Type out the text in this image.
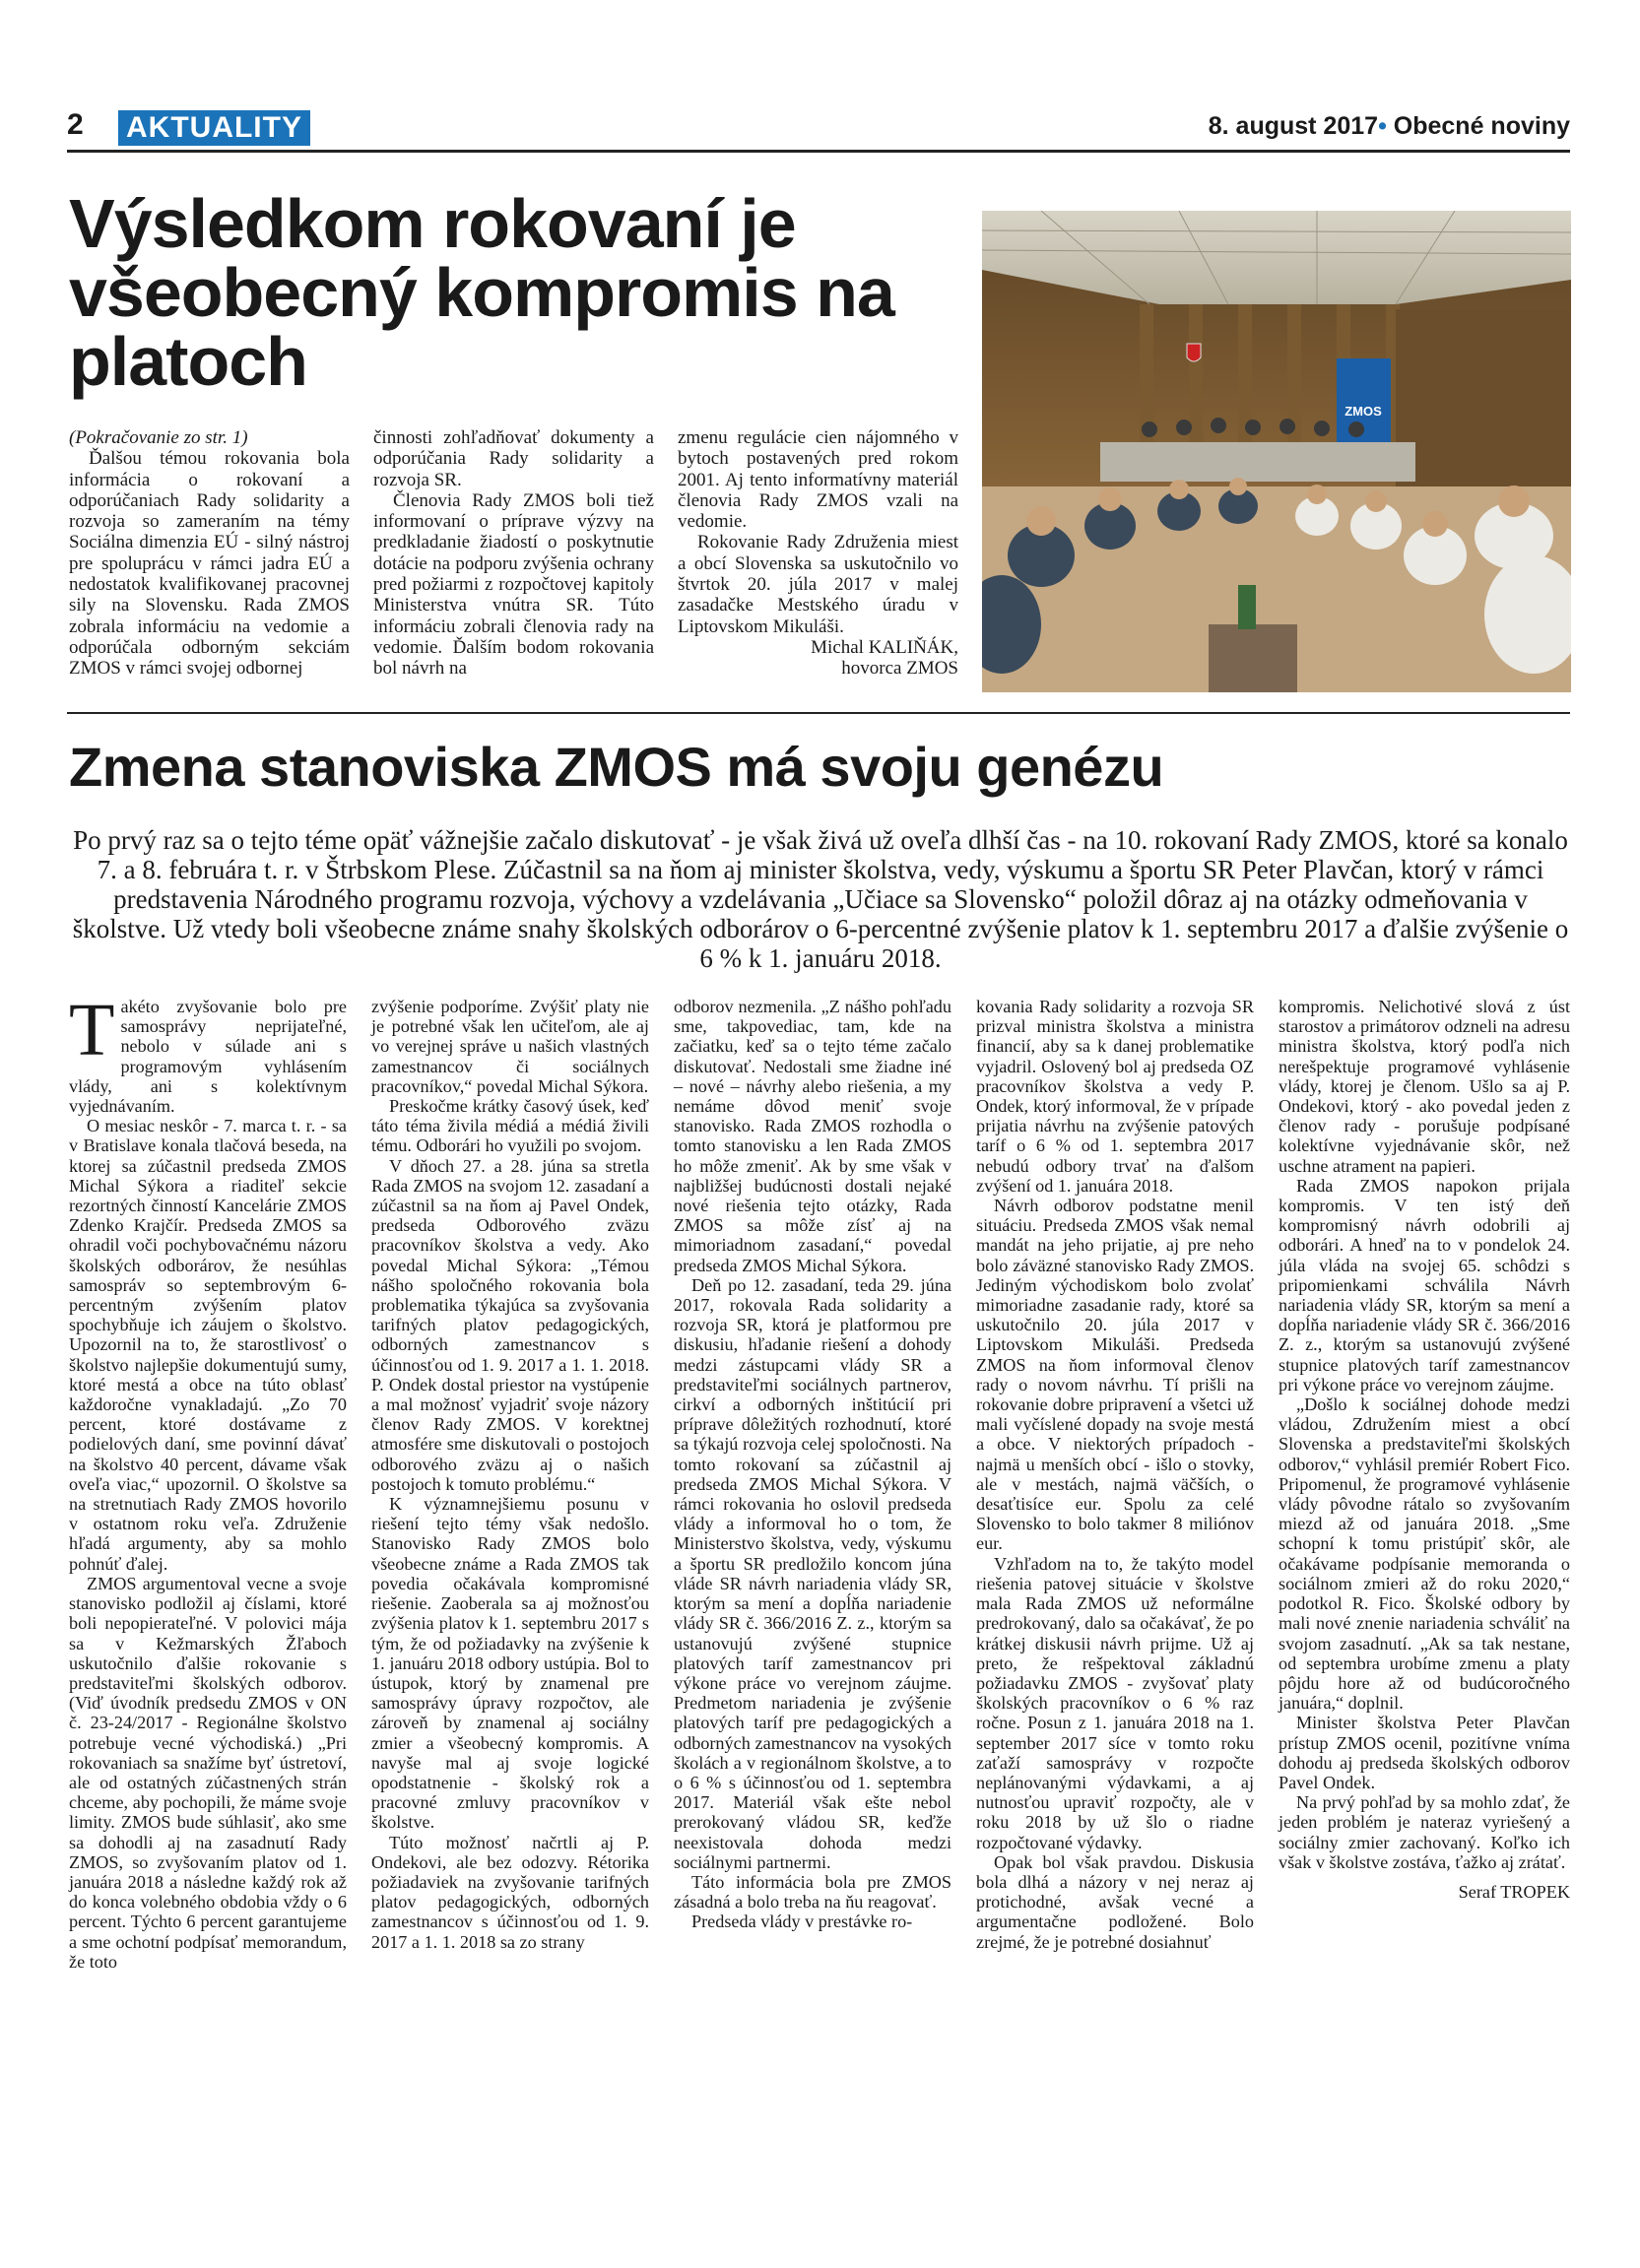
2 AKTUALITY	8. august 2017• Obecné noviny
Výsledkom rokovaní je všeobecný kompromis na platoch

(Pokračovanie zo str. 1)

Ďalšou témou rokovania bola informácia o rokovaní a odporúčaniach Rady solidarity a rozvoja so zameraním na témy Sociálna dimenzia EÚ - silný nástroj pre spoluprácu v rámci jadra EÚ a nedostatok kvalifikovanej pracovnej sily na Slovensku. Rada ZMOS zobrala informáciu na vedomie a odporúčala odborným sekciám ZMOS v rámci svojej odbornej

činnosti zohľadňovať dokumenty a odporúčania Rady solidarity a rozvoja SR.

Členovia Rady ZMOS boli tiež informovaní o príprave výzvy na predkladanie žiadostí o poskytnutie dotácie na podporu zvýšenia ochrany pred požiarmi z rozpočtovej kapitoly Ministerstva vnútra SR. Túto informáciu zobrali členovia rady na vedomie. Ďalším bodom rokovania bol návrh na

zmenu regulácie cien nájomného v bytoch postavených pred rokom 2001. Aj tento informatívny materiál členovia Rady ZMOS vzali na vedomie.

Rokovanie Rady Združenia miest a obcí Slovenska sa uskutočnilo vo štvrtok 20. júla 2017 v malej zasadačke Mestského úradu v Liptovskom Mikuláši.

Michal KALIŇÁK,

hovorca ZMOS

ZMOS
Zmena stanoviska ZMOS má svoju genézu
Po prvý raz sa o tejto téme opäť vážnejšie začalo diskutovať - je však živá už oveľa dlhší čas - na 10. rokovaní Rady ZMOS, ktoré sa konalo 7. a 8. februára t. r. v Štrbskom Plese. Zúčastnil sa na ňom aj minister školstva, vedy, výskumu a športu SR Peter Plavčan, ktorý v rámci predstavenia Národného programu rozvoja, výchovy a vzdelávania „Učiace sa Slovensko“ položil dôraz aj na otázky odmeňovania v školstve. Už vtedy boli všeobecne známe snahy školských odborárov o 6-percentné zvýšenie platov k 1. septembru 2017 a ďalšie zvýšenie o 6 % k 1. januáru 2018.

Takéto zvyšovanie bolo pre samosprávy neprijateľné, nebolo v súlade ani s programovým vyhlásením vlády, ani s kolektívnym vyjednávaním.

O mesiac neskôr - 7. marca t. r. - sa v Bratislave konala tlačová beseda, na ktorej sa zúčastnil predseda ZMOS Michal Sýkora a riaditeľ sekcie rezortných činností Kancelárie ZMOS Zdenko Krajčír. Predseda ZMOS sa ohradil voči pochybovačnému názoru školských odborárov, že nesúhlas samospráv so septembrovým 6-percentným zvýšením platov spochybňuje ich záujem o školstvo. Upozornil na to, že starostlivosť o školstvo najlepšie dokumentujú sumy, ktoré mestá a obce na túto oblasť každoročne vynakladajú. „Zo 70 percent, ktoré dostávame z podielových daní, sme povinní dávať na školstvo 40 percent, dávame však oveľa viac,“ upozornil. O školstve sa na stretnutiach Rady ZMOS hovorilo v ostatnom roku veľa. Združenie hľadá argumenty, aby sa mohlo pohnúť ďalej.

ZMOS argumentoval vecne a svoje stanovisko podložil aj číslami, ktoré boli nepopierateľné. V polovici mája sa v Kežmarských Žľaboch uskutočnilo ďalšie rokovanie s predstaviteľmi školských odborov. (Viď úvodník predsedu ZMOS v ON č. 23-24/2017 - Regionálne školstvo potrebuje vecné východiská.) „Pri rokovaniach sa snažíme byť ústretoví, ale od ostatných zúčastnených strán chceme, aby pochopili, že máme svoje limity. ZMOS bude súhlasiť, ako sme sa dohodli aj na zasadnutí Rady ZMOS, so zvyšovaním platov od 1. januára 2018 a následne každý rok až do konca volebného obdobia vždy o 6 percent. Týchto 6 percent garantujeme a sme ochotní podpísať memorandum, že toto

zvýšenie podporíme. Zvýšiť platy nie je potrebné však len učiteľom, ale aj vo verejnej správe u našich vlastných zamestnancov či sociálnych pracovníkov,“ povedal Michal Sýkora.

Preskočme krátky časový úsek, keď táto téma živila médiá a médiá živili tému. Odborári ho využili po svojom.

V dňoch 27. a 28. júna sa stretla Rada ZMOS na svojom 12. zasadaní a zúčastnil sa na ňom aj Pavel Ondek, predseda Odborového zväzu pracovníkov školstva a vedy. Ako povedal Michal Sýkora: „Témou nášho spoločného rokovania bola problematika týkajúca sa zvyšovania tarifných platov pedagogických, odborných zamestnancov s účinnosťou od 1. 9. 2017 a 1. 1. 2018. P. Ondek dostal priestor na vystúpenie a mal možnosť vyjadriť svoje názory členov Rady ZMOS. V korektnej atmosfére sme diskutovali o postojoch odborového zväzu aj o našich postojoch k tomuto problému.“

K významnejšiemu posunu v riešení tejto témy však nedošlo. Stanovisko Rady ZMOS bolo všeobecne známe a Rada ZMOS tak povedia očakávala kompromisné riešenie. Zaoberala sa aj možnosťou zvýšenia platov k 1. septembru 2017 s tým, že od požiadavky na zvýšenie k 1. januáru 2018 odbory ustúpia. Bol to ústupok, ktorý by znamenal pre samosprávy úpravy rozpočtov, ale zároveň by znamenal aj sociálny zmier a všeobecný kompromis. A navyše mal aj svoje logické opodstatnenie - školský rok a pracovné zmluvy pracovníkov v školstve.

Túto možnosť načrtli aj P. Ondekovi, ale bez odozvy. Rétorika požiadaviek na zvyšovanie tarifných platov pedagogických, odborných zamestnancov s účinnosťou od 1. 9. 2017 a 1. 1. 2018 sa zo strany

odborov nezmenila. „Z nášho pohľadu sme, takpovediac, tam, kde na začiatku, keď sa o tejto téme začalo diskutovať. Nedostali sme žiadne iné – nové – návrhy alebo riešenia, a my nemáme dôvod meniť svoje stanovisko. Rada ZMOS rozhodla o tomto stanovisku a len Rada ZMOS ho môže zmeniť. Ak by sme však v najbližšej budúcnosti dostali nejaké nové riešenia tejto otázky, Rada ZMOS sa môže zísť aj na mimoriadnom zasadaní,“ povedal predseda ZMOS Michal Sýkora.

Deň po 12. zasadaní, teda 29. júna 2017, rokovala Rada solidarity a rozvoja SR, ktorá je platformou pre diskusiu, hľadanie riešení a dohody medzi zástupcami vlády SR a predstaviteľmi sociálnych partnerov, cirkví a odborných inštitúcií pri príprave dôležitých rozhodnutí, ktoré sa týkajú rozvoja celej spoločnosti. Na tomto rokovaní sa zúčastnil aj predseda ZMOS Michal Sýkora. V rámci rokovania ho oslovil predseda vlády a informoval ho o tom, že Ministerstvo školstva, vedy, výskumu a športu SR predložilo koncom júna vláde SR návrh nariadenia vlády SR, ktorým sa mení a dopĺňa nariadenie vlády SR č. 366/2016 Z. z., ktorým sa ustanovujú zvýšené stupnice platových taríf zamestnancov pri výkone práce vo verejnom záujme. Predmetom nariadenia je zvýšenie platových taríf pre pedagogických a odborných zamestnancov na vysokých školách a v regionálnom školstve, a to o 6 % s účinnosťou od 1. septembra 2017. Materiál však ešte nebol prerokovaný vládou SR, keďže neexistovala dohoda medzi sociálnymi partnermi.

Táto informácia bola pre ZMOS zásadná a bolo treba na ňu reagovať.

Predseda vlády v prestávke ro-

kovania Rady solidarity a rozvoja SR prizval ministra školstva a ministra financií, aby sa k danej problematike vyjadril. Oslovený bol aj predseda OZ pracovníkov školstva a vedy P. Ondek, ktorý informoval, že v prípade prijatia návrhu na zvýšenie patových taríf o 6 % od 1. septembra 2017 nebudú odbory trvať na ďalšom zvýšení od 1. januára 2018.

Návrh odborov podstatne menil situáciu. Predseda ZMOS však nemal mandát na jeho prijatie, aj pre neho bolo záväzné stanovisko Rady ZMOS. Jediným východiskom bolo zvolať mimoriadne zasadanie rady, ktoré sa uskutočnilo 20. júla 2017 v Liptovskom Mikuláši. Predseda ZMOS na ňom informoval členov rady o novom návrhu. Tí prišli na rokovanie dobre pripravení a všetci už mali vyčíslené dopady na svoje mestá a obce. V niektorých prípadoch - najmä u menších obcí - išlo o stovky, ale v mestách, najmä väčších, o desaťtisíce eur. Spolu za celé Slovensko to bolo takmer 8 miliónov eur.

Vzhľadom na to, že takýto model riešenia patovej situácie v školstve mala Rada ZMOS už neformálne predrokovaný, dalo sa očakávať, že po krátkej diskusii návrh prijme. Už aj preto, že rešpektoval základnú požiadavku ZMOS - zvyšovať platy školských pracovníkov o 6 % raz ročne. Posun z 1. januára 2018 na 1. september 2017 síce v tomto roku zaťaží samosprávy v rozpočte neplánovanými výdavkami, a aj nutnosťou upraviť rozpočty, ale v roku 2018 by už šlo o riadne rozpočtované výdavky.

Opak bol však pravdou. Diskusia bola dlhá a názory v nej neraz aj protichodné, avšak vecné a argumentačne podložené. Bolo zrejmé, že je potrebné dosiahnuť

kompromis. Nelichotivé slová z úst starostov a primátorov odzneli na adresu ministra školstva, ktorý podľa nich nerešpektuje programové vyhlásenie vlády, ktorej je členom. Ušlo sa aj P. Ondekovi, ktorý - ako povedal jeden z členov rady - porušuje podpísané kolektívne vyjednávanie skôr, než uschne atrament na papieri.

Rada ZMOS napokon prijala kompromis. V ten istý deň kompromisný návrh odobrili aj odborári. A hneď na to v pondelok 24. júla vláda na svojej 65. schôdzi s pripomienkami schválila Návrh nariadenia vlády SR, ktorým sa mení a dopĺňa nariadenie vlády SR č. 366/2016 Z. z., ktorým sa ustanovujú zvýšené stupnice platových taríf zamestnancov pri výkone práce vo verejnom záujme.

„Došlo k sociálnej dohode medzi vládou, Združením miest a obcí Slovenska a predstaviteľmi školských odborov,“ vyhlásil premiér Robert Fico. Pripomenul, že programové vyhlásenie vlády pôvodne rátalo so zvyšovaním miezd až od januára 2018. „Sme schopní k tomu pristúpiť skôr, ale očakávame podpísanie memoranda o sociálnom zmieri až do roku 2020,“ podotkol R. Fico. Školské odbory by mali nové znenie nariadenia schváliť na svojom zasadnutí. „Ak sa tak nestane, od septembra urobíme zmenu a platy pôjdu hore až od budúcoročného januára,“ doplnil.

Minister školstva Peter Plavčan prístup ZMOS ocenil, pozitívne vníma dohodu aj predseda školských odborov Pavel Ondek.

Na prvý pohľad by sa mohlo zdať, že jeden problém je nateraz vyriešený a sociálny zmier zachovaný. Koľko ich však v školstve zostáva, ťažko aj zrátať.

Seraf TROPEK
